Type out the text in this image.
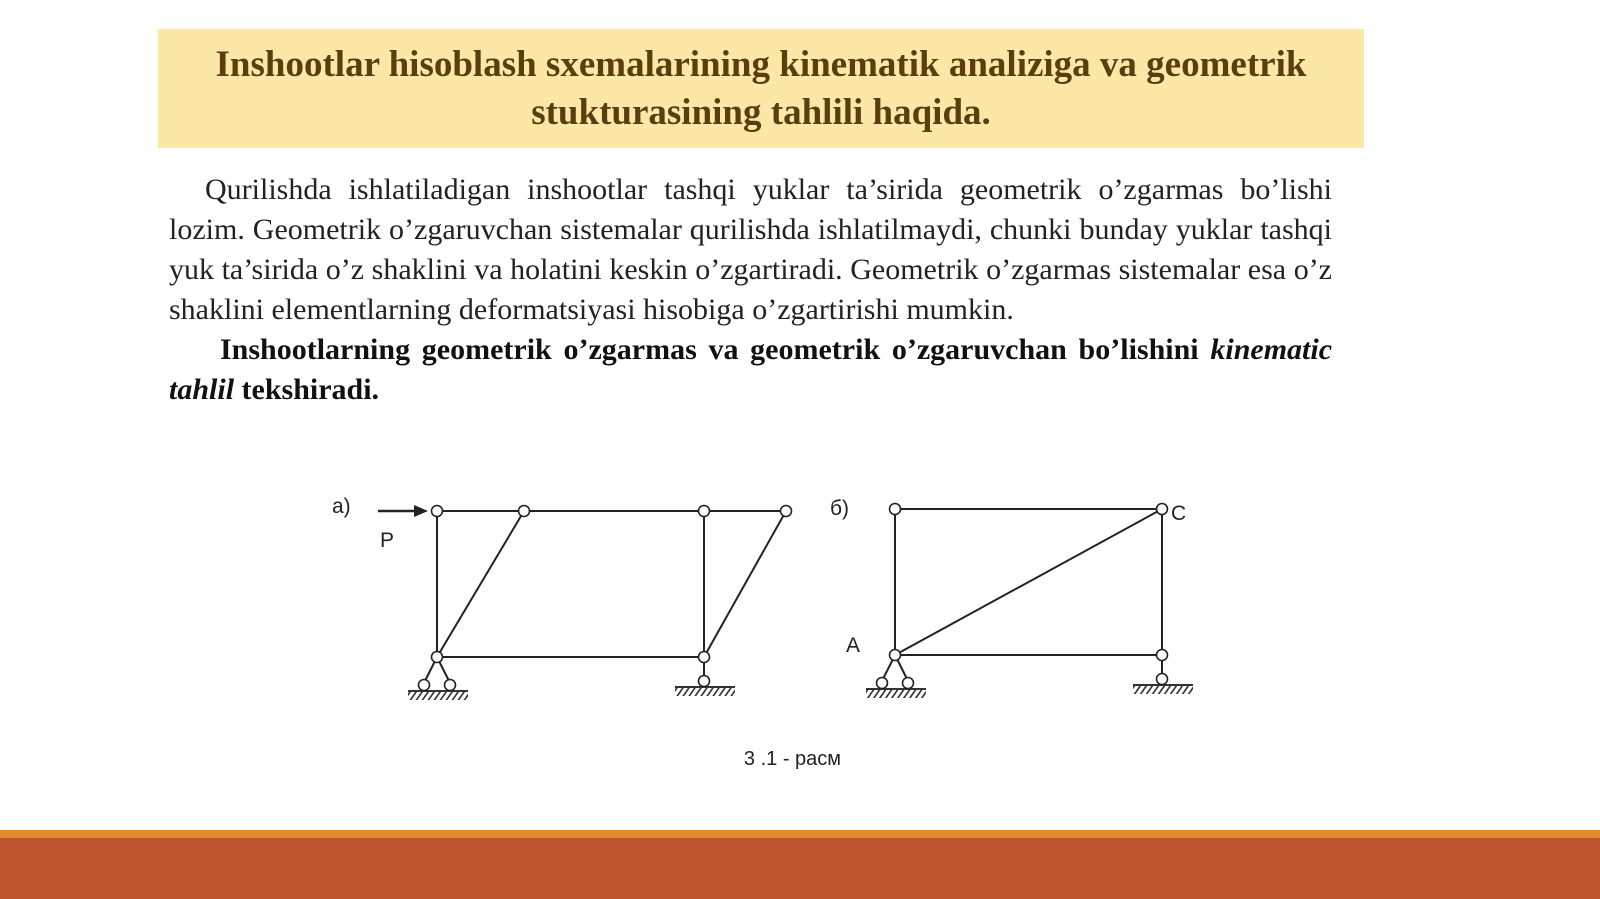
Inshootlar hisoblash sxemalarining kinematik analiziga va geometrik stukturasining tahlili haqida.

Qurilishda ishlatiladigan inshootlar tashqi yuklar ta’sirida geometrik o’zgarmas bo’lishi lozim. Geometrik o’zgaruvchan sistemalar qurilishda ishlatilmaydi, chunki bunday yuklar tashqi yuk ta’sirida o’z shaklini va holatini keskin o’zgartiradi. Geometrik o’zgarmas sistemalar esa o’z shaklini elementlarning deformatsiyasi hisobiga o’zgartirishi mumkin.

Inshootlarning geometrik o’zgarmas va geometrik o’zgaruvchan bo’lishini kinematic tahlil tekshiradi.

а)
P
б)
A
C
3 .1 - расм
